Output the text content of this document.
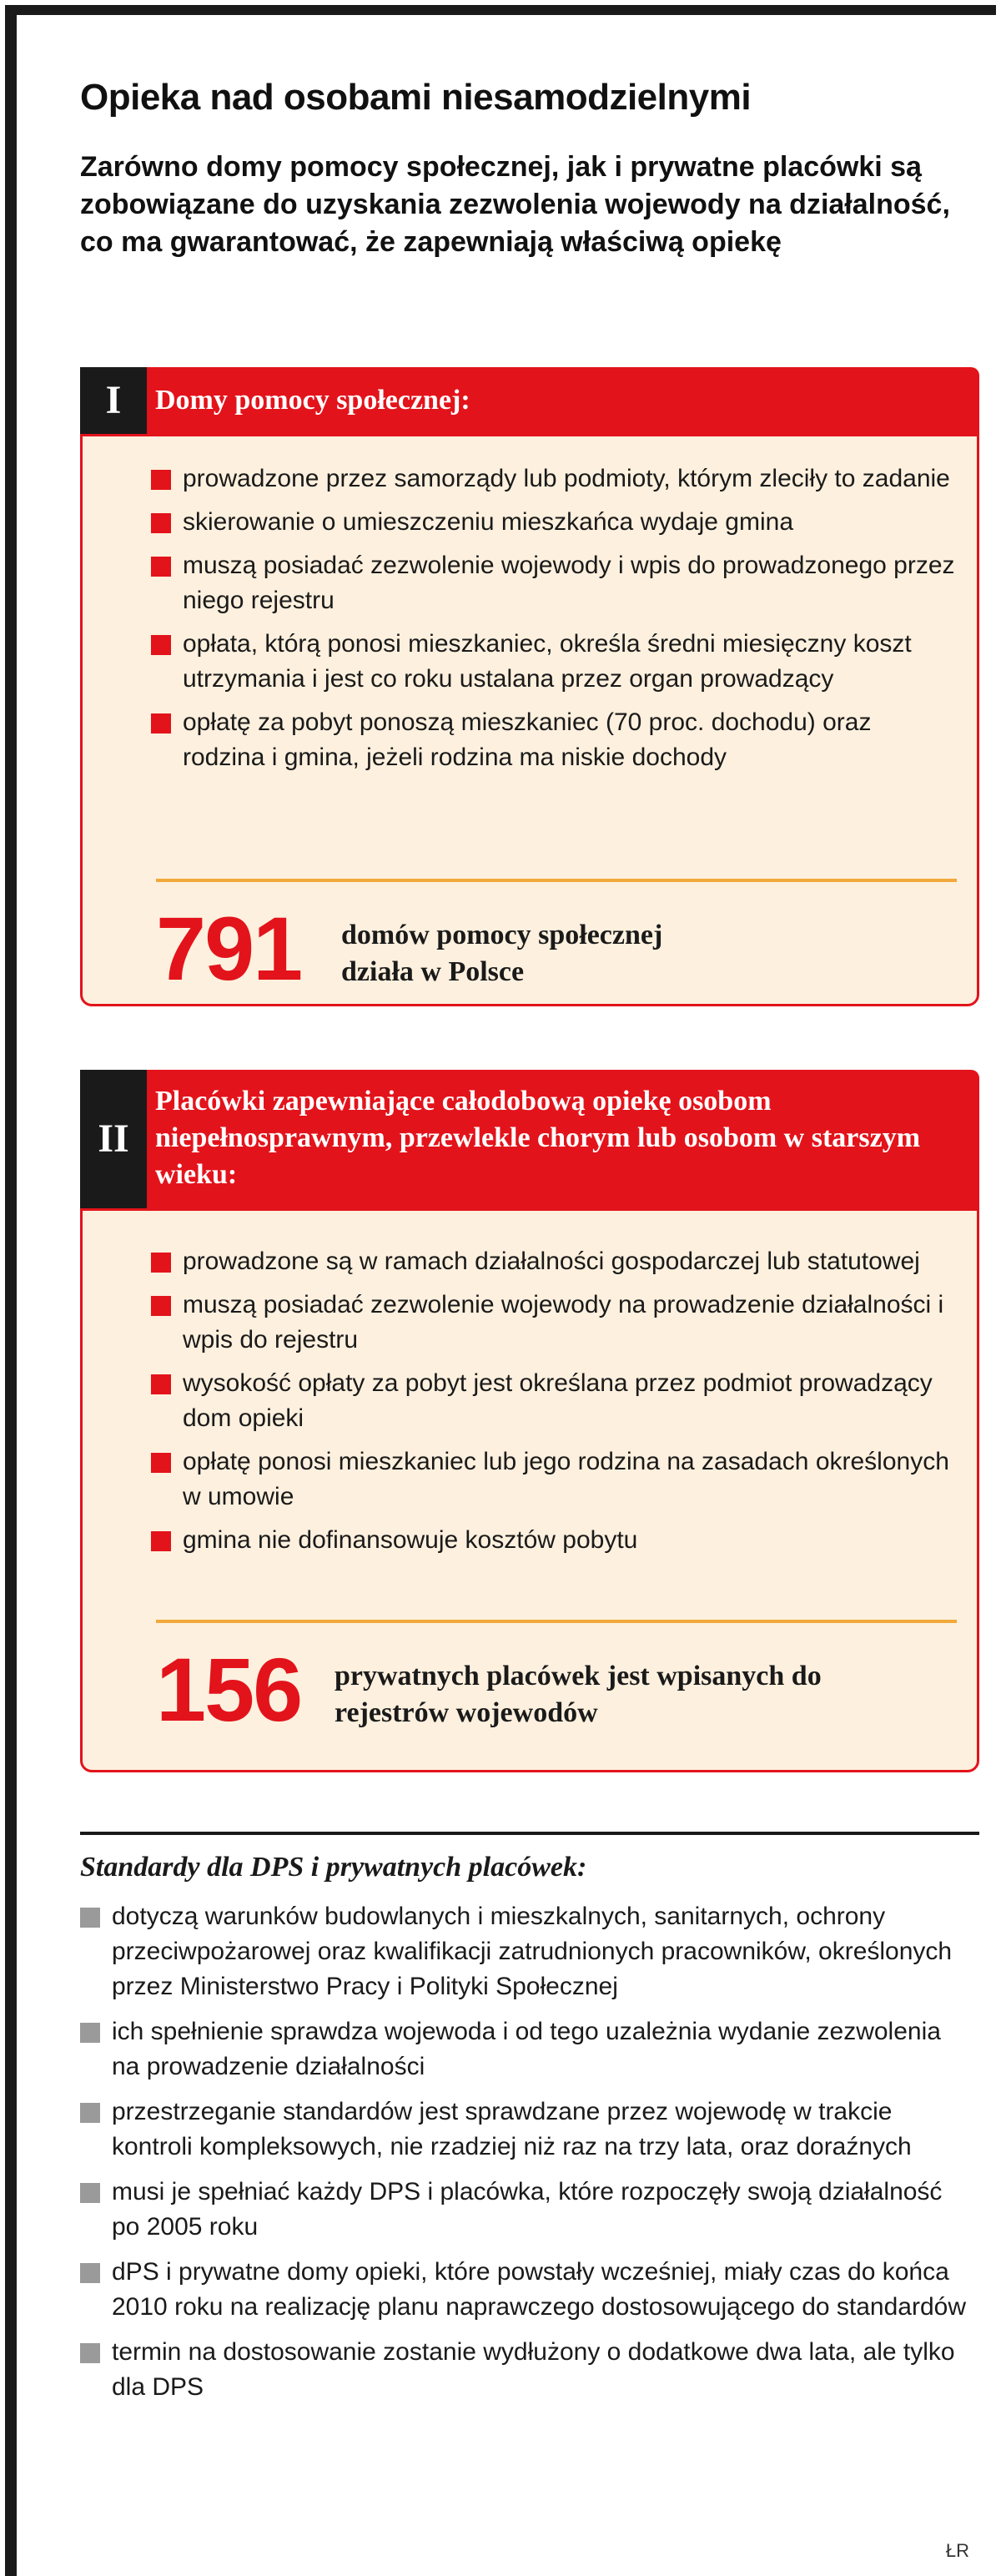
Opieka nad osobami niesamodzielnymi

Zarówno domy pomocy społecznej, jak i prywatne placówki są zobowiązane do uzyskania zezwolenia wojewody na działalność, co ma gwarantować, że zapewniają właściwą opiekę

Domy pomocy społecznej:
I
prowadzone przez samorządy lub podmioty, którym zleciły to zadanie
skierowanie o umieszczeniu mieszkańca wydaje gmina
muszą posiadać zezwolenie wojewody i wpis do prowadzonego przez niego rejestru
opłata, którą ponosi mieszkaniec, określa średni miesięczny koszt utrzymania i jest co roku ustalana przez organ prowadzący
opłatę za pobyt ponoszą mieszkaniec (70 proc. dochodu) oraz rodzina i gmina, jeżeli rodzina ma niskie dochody
791 domów pomocy społecznej działa w Polsce
Placówki zapewniające całodobową opiekę osobom niepełnosprawnym, przewlekle chorym lub osobom w starszym wieku:
II
prowadzone są w ramach działalności gospodarczej lub statutowej
muszą posiadać zezwolenie wojewody na prowadzenie działalności i wpis do rejestru
wysokość opłaty za pobyt jest określana przez podmiot prowadzący dom opieki
opłatę ponosi mieszkaniec lub jego rodzina na zasadach określonych w umowie
gmina nie dofinansowuje kosztów pobytu
156 prywatnych placówek jest wpisanych do rejestrów wojewodów
Standardy dla DPS i prywatnych placówek:
dotyczą warunków budowlanych i mieszkalnych, sanitarnych, ochrony przeciwpożarowej oraz kwalifikacji zatrudnionych pracowników, określonych przez Ministerstwo Pracy i Polityki Społecznej
ich spełnienie sprawdza wojewoda i od tego uzależnia wydanie zezwolenia na prowadzenie działalności
przestrzeganie standardów jest sprawdzane przez wojewodę w trakcie kontroli kompleksowych, nie rzadziej niż raz na trzy lata, oraz doraźnych
musi je spełniać każdy DPS i placówka, które rozpoczęły swoją działalność po 2005 roku
dPS i prywatne domy opieki, które powstały wcześniej, miały czas do końca 2010 roku na realizację planu naprawczego dostosowującego do standardów
termin na dostosowanie zostanie wydłużony o dodatkowe dwa lata, ale tylko dla DPS
ŁR
